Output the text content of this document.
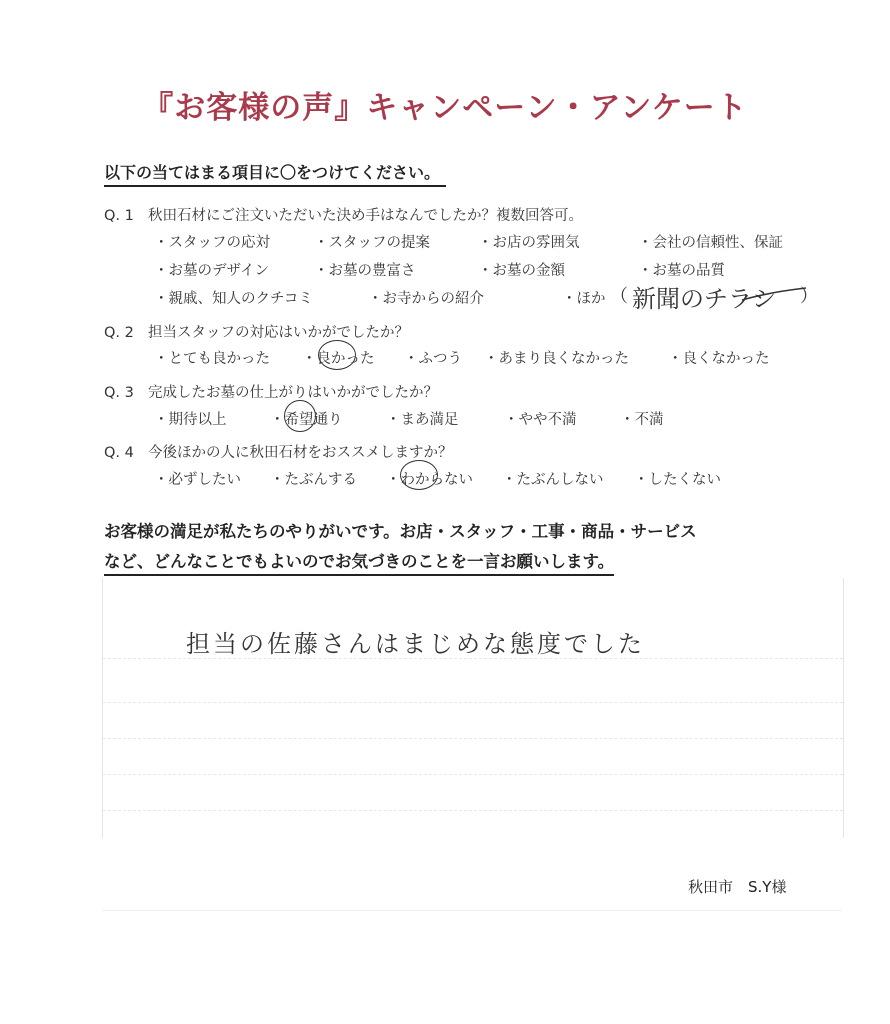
『お客様の声』キャンペーン・アンケート
以下の当てはまる項目に〇をつけてください。
Q. 1 秋田石材にご注文いただいた決め手はなんでしたか？複数回答可。
・スタッフの応対	・スタッフの提案	・お店の雰囲気	・会社の信頼性、保証
・お墓のデザイン	・お墓の豊富さ	・お墓の金額	・お墓の品質
・親戚、知人のクチコミ	・お寺からの紹介	・ほか （ 新聞のチラシ ）
Q. 2 担当スタッフの対応はいかがでしたか？
・とても良かった ・良かった ・ふつう ・あまり良くなかった	・良くなかった
Q. 3 完成したお墓の仕上がりはいかがでしたか？
・期待以上	・希望通り	・まあ満足	・やや不満	・不満
Q. 4 今後ほかの人に秋田石材をおススメしますか？
・必ずしたい ・たぶんする ・わからない ・たぶんしない ・したくない
お客様の満足が私たちのやりがいです。お店・スタッフ・工事・商品・サービス
など、どんなことでもよいのでお気づきのことを一言お願いします。
担当の佐藤さんはまじめな態度でした
秋田市　S.Y様
